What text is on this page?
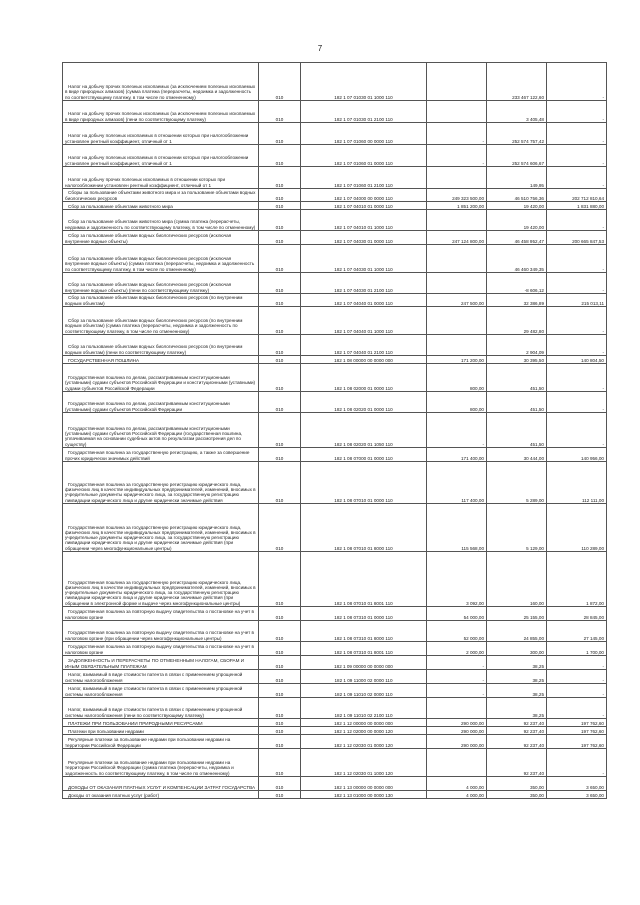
7
Налог на добычу прочих полезных ископаемых (за исключением полезных ископаемых в виде природных алмазов) (сумма платежа (перерасчеты, недоимка и задолженность по соответствующему платежу, в том числе по отмененному)	010	182 1 07 01030 01 1000 110		233 467 122,60	-
Налог на добычу прочих полезных ископаемых (за исключением полезных ископаемых в виде природных алмазов) (пени по соответствующему платежу)	010	182 1 07 01030 01 2100 110		3 405,48	-
Налог на добычу полезных ископаемых в отношении которых при налогообложении установлен рентный коэффициент, отличный от 1	010	182 1 07 01060 00 0000 110	-	252 574 757,42	-
Налог на добычу полезных ископаемых в отношении которых при налогообложении установлен рентный коэффициент, отличный от 1	010	182 1 07 01060 01 0000 110	-	252 574 606,67	-
Налог на добычу прочих полезных ископаемых в отношении которых при налогообложении установлен рентный коэффициент, отличный от 1	010	182 1 07 01060 01 2100 110		149,95	-
Сборы за пользование объектами животного мира и за пользование объектами водных биологических ресурсов	010	182 1 07 04000 00 0000 110	249 323 500,00	46 510 756,36	202 712 810,64
Сбор за пользование объектами животного мира	010	182 1 07 04010 01 0000 110	1 851 200,00	19 420,00	1 831 880,00
Сбор за пользование объектами животного мира (сумма платежа (перерасчеты, недоимка и задолженность по соответствующему платежу, в том числе по отмененному)	010	182 1 07 04010 01 1000 110		19 420,00	-
Сбор за пользование объектами водных биологических ресурсов (исключая внутренние водные объекты)	010	182 1 07 04030 01 0000 110	247 124 800,00	46 458 952,47	200 665 847,53
Сбор за пользование объектами водных биологических ресурсов (исключая внутренние водные объекты) (сумма платежа (перерасчеты, недоимка и задолженность по соответствующему платежу, в том числе по отмененному)	010	182 1 07 04030 01 1000 110		46 460 349,35	-
Сбор за пользование объектами водных биологических ресурсов (исключая внутренние водные объекты) (пени по соответствующему платежу)	010	182 1 07 04030 01 2100 110		-8 606,12	-
Сбор за пользование объектами водных биологических ресурсов (по внутренним водным объектам)	010	182 1 07 04040 01 0000 110	247 500,00	32 386,89	215 013,11
Сбор за пользование объектами водных биологических ресурсов (по внутренним водным объектам) (сумма платежа (перерасчеты, недоимка и задолженность по соответствующему платежу, в том числе по отмененному)	010	182 1 07 04040 01 1000 110		29 482,80	-
Сбор за пользование объектами водных биологических ресурсов (по внутренним водным объектам) (пени по соответствующему платежу)	010	182 1 07 04040 01 2100 110		2 904,09	-
ГОСУДАРСТВЕННАЯ ПОШЛИНА	010	182 1 08 00000 00 0000 000	171 200,00	30 395,50	140 804,50
Государственная пошлина по делам, рассматриваемым конституционными (уставными) судами субъектов Российской Федерации и конституционными (уставными) судами субъектов Российской Федерации	010	182 1 08 02000 01 0000 110	800,00	451,50	-
Государственная пошлина по делам, рассматриваемым конституционными (уставными) судами субъектов Российской Федерации	010	182 1 08 02020 01 0000 110	800,00	451,50	-
Государственная пошлина по делам, рассматриваемым конституционными (уставными) судами субъектов Российской Федерации (государственная пошлина, уплачиваемая на основании судебных актов по результатам рассмотрения дел по существу)	010	182 1 08 02020 01 1050 110	-	451,50	-
Государственная пошлина за государственную регистрацию, а также за совершение прочих юридически значимых действий	010	182 1 08 07000 01 0000 110	171 400,00	30 444,00	140 956,00
Государственная пошлина за государственную регистрацию юридического лица, физических лиц в качестве индивидуальных предпринимателей, изменений, вносимых в учредительные документы юридического лица, за государственную регистрацию ликвидации юридического лица и другие юридически значимые действия	010	182 1 08 07010 01 0000 110	117 400,00	5 289,00	112 111,00
Государственная пошлина за государственную регистрацию юридического лица, физических лиц в качестве индивидуальных предпринимателей, изменений, вносимых в учредительные документы юридического лица, за государственную регистрацию ликвидации юридического лица и другие юридически значимые действия (при обращении через многофункциональные центры)	010	182 1 08 07010 01 8000 110	115 568,00	5 129,00	110 289,00
Государственная пошлина за государственную регистрацию юридического лица, физических лиц в качестве индивидуальных предпринимателей, изменений, вносимых в учредительные документы юридического лица, за государственную регистрацию ликвидации юридического лица и другие юридически значимые действия (при обращении в электронной форме и выдаче через многофункциональные центры)	010	182 1 08 07010 01 8001 110	3 092,00	160,00	1 872,00
Государственная пошлина за повторную выдачу свидетельства о постановке на учет в налоговом органе	010	182 1 08 07310 01 0000 110	54 000,00	25 155,00	28 845,00
Государственная пошлина за повторную выдачу свидетельства о постановке на учет в налоговом органе (при обращении через многофункциональные центры)	010	182 1 08 07310 01 8000 110	52 000,00	24 855,00	27 145,00
Государственная пошлина за повторную выдачу свидетельства о постановке на учет в налоговом органе	010	182 1 08 07310 01 8001 110	2 000,00	300,00	1 700,00
ЗАДОЛЖЕННОСТЬ И ПЕРЕРАСЧЕТЫ ПО ОТМЕНЕННЫМ НАЛОГАМ, СБОРАМ И ИНЫМ ОБЯЗАТЕЛЬНЫМ ПЛАТЕЖАМ	010	182 1 09 00000 00 0000 000	-	38,25	-
Налог, взимаемый в виде стоимости патента в связи с применением упрощенной системы налогообложения	010	182 1 09 11000 02 0000 110	-	38,25	-
Налог, взимаемый в виде стоимости патента в связи с применением упрощенной системы налогообложения	010	182 1 09 11010 02 0000 110	-	38,25	-
Налог, взимаемый в виде стоимости патента в связи с применением упрощенной системы налогообложения (пени по соответствующему платежу)	010	182 1 09 11010 02 2100 110		38,25	-
ПЛАТЕЖИ ПРИ ПОЛЬЗОВАНИИ ПРИРОДНЫМИ РЕСУРСАМИ	010	182 1 12 00000 00 0000 000	290 000,00	92 237,40	197 762,60
Платежи при пользовании недрами	010	182 1 12 02000 00 0000 120	290 000,00	92 237,40	197 762,60
Регулярные платежи за пользование недрами при пользовании недрами на территории Российской Федерации	010	182 1 12 02030 01 0000 120	290 000,00	92 237,40	197 762,60
Регулярные платежи за пользование недрами при пользовании недрами на территории Российской Федерации (сумма платежа (перерасчеты, недоимка и задолженность по соответствующему платежу, в том числе по отмененному)	010	182 1 12 02030 01 1000 120		92 237,40	-
ДОХОДЫ ОТ ОКАЗАНИЯ ПЛАТНЫХ УСЛУГ И КОМПЕНСАЦИИ ЗАТРАТ ГОСУДАРСТВА	010	182 1 13 00000 00 0000 000	4 000,00	350,00	3 650,00
Доходы от оказания платных услуг (работ)	010	182 1 13 01000 00 0000 130	4 000,00	350,00	3 650,00
